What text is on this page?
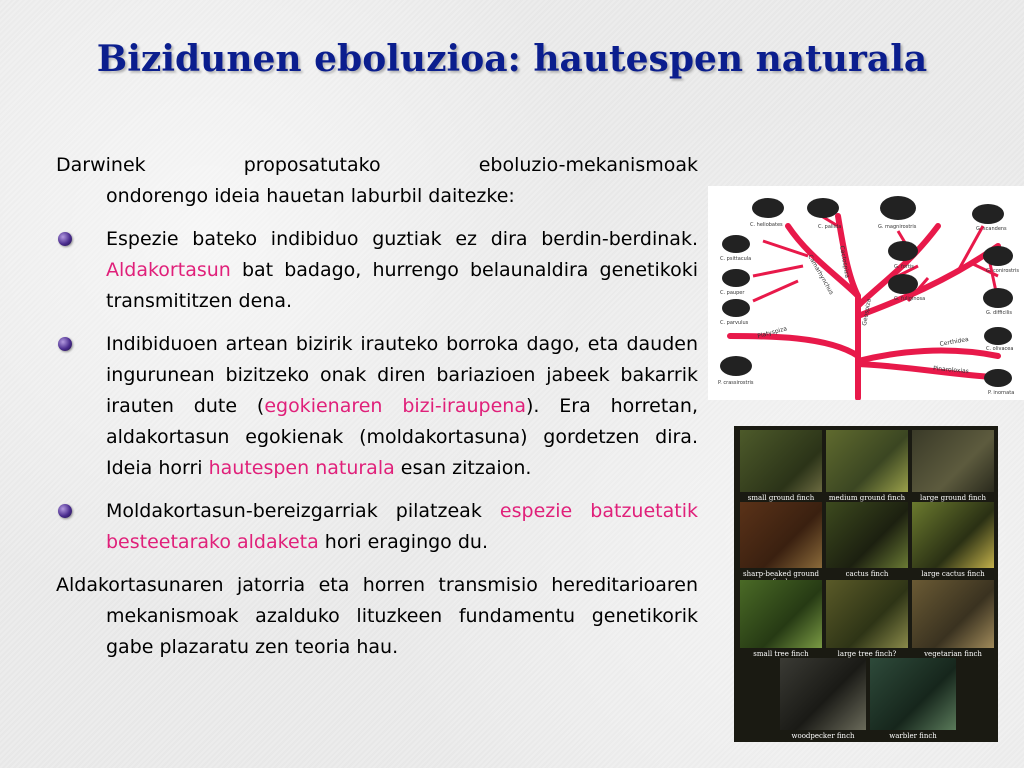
Bizidunen eboluzioa: hautespen naturala
Darwinek	proposatutako	eboluzio-mekanismoak
ondorengo ideia hauetan laburbil daitezke:
Espezie bateko indibiduo guztiak ez dira berdin-berdinak. Aldakortasun bat badago, hurrengo belaunaldira genetikoki transmititzen dena.
Indibiduoen artean bizirik irauteko borroka dago, eta dauden ingurunean bizitzeko onak diren bariazioen jabeek bakarrik irauten dute (egokienaren bizi-iraupena). Era horretan, aldakortasun egokienak (moldakortasuna) gordetzen dira. Ideia horri hautespen naturala esan zitzaion.
Moldakortasun-bereizgarriak pilatzeak espezie batzuetatik besteetarako aldaketa hori eragingo du.
Aldakortasunaren jatorria eta horren transmisio hereditarioaren mekanismoak azalduko lituzkeen fundamentu genetikorik gabe plazaratu zen teoria hau.
C. heliobates	C. pallida	G. magnirostris	G. scandens
C. psittacula
C. pauper
C. parvulus
G. fortis
G. fuliginosa
G. conirostris
G. difficilis
C. olivacea
P. crassirostris
P. inornata
Camarhynchus Cactospiza
Geospiza
Platyspiza
Certhidea
Pinaroloxias
small ground finch	medium ground finch	large ground finch
sharp-beaked ground	cactus finch	large cactus finch
small tree finch	large tree finch?	vegetarian finch
woodpecker finch	warbler finch
